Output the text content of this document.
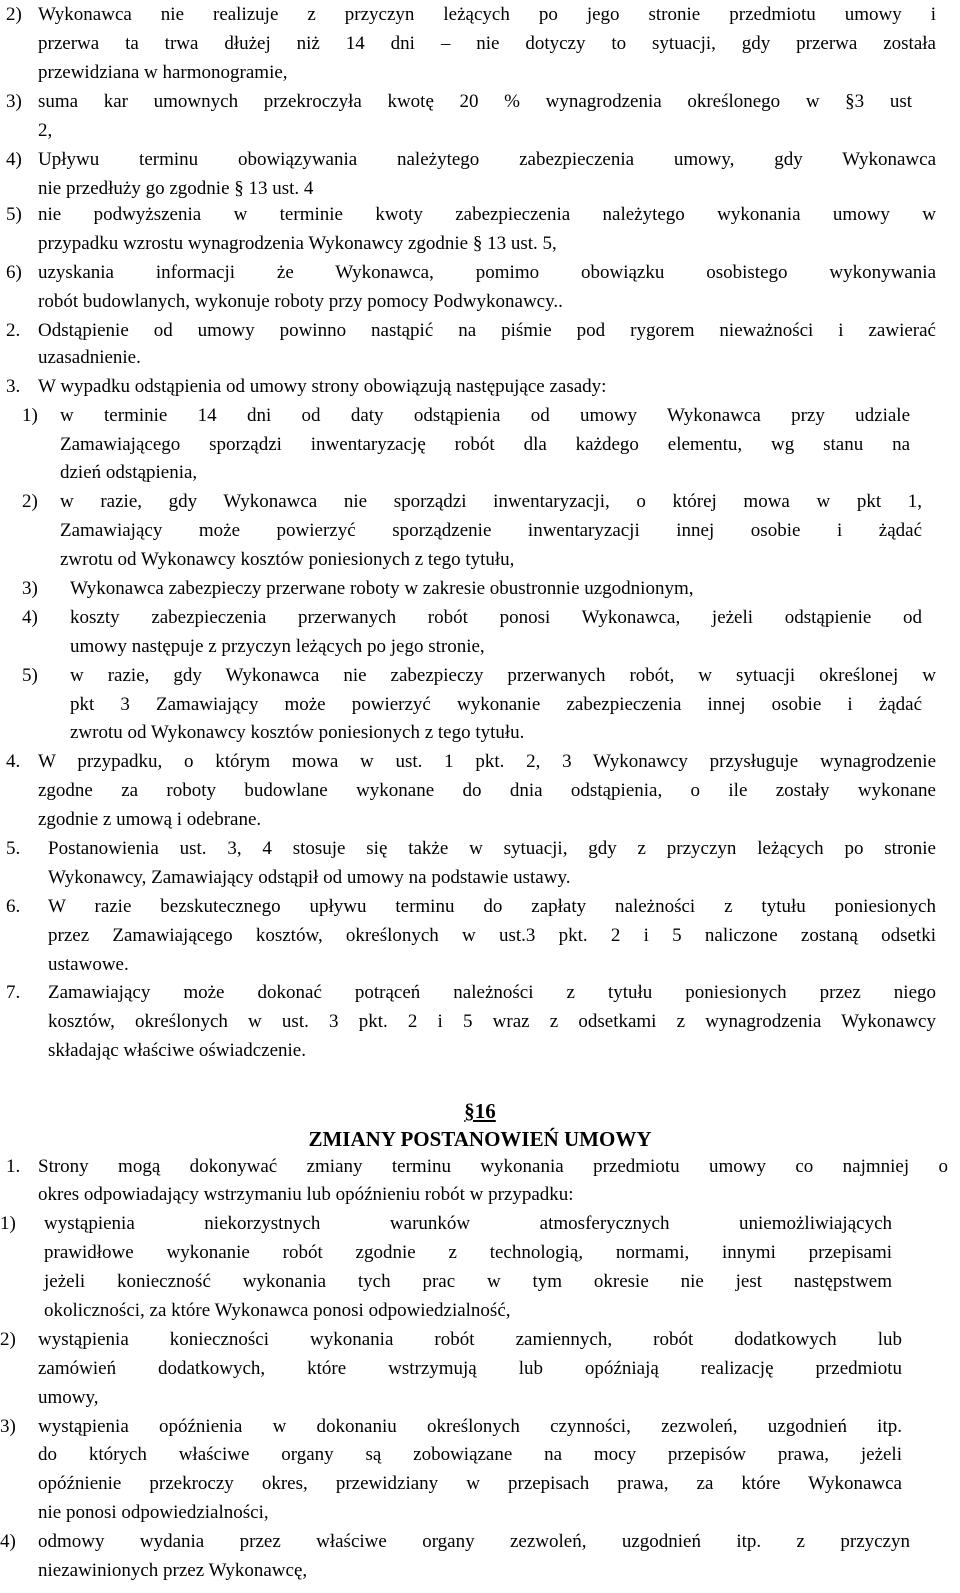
2) Wykonawca nie realizuje z przyczyn leżących po jego stronie przedmiotu umowy i
przerwa ta trwa dłużej niż 14 dni – nie dotyczy to sytuacji, gdy przerwa została
przewidziana w harmonogramie,
3) suma kar umownych przekroczyła kwotę 20 % wynagrodzenia określonego w §3 ust
2,
4) Upływu terminu obowiązywania należytego zabezpieczenia umowy, gdy Wykonawca
nie przedłuży go zgodnie § 13 ust. 4
5) nie podwyższenia w terminie kwoty zabezpieczenia należytego wykonania umowy w
przypadku wzrostu wynagrodzenia Wykonawcy zgodnie § 13 ust. 5,
6) uzyskania informacji że Wykonawca, pomimo obowiązku osobistego wykonywania
robót budowlanych, wykonuje roboty przy pomocy Podwykonawcy..
2. Odstąpienie od umowy powinno nastąpić na piśmie pod rygorem nieważności i zawierać
uzasadnienie.
3. W wypadku odstąpienia od umowy strony obowiązują następujące zasady:
1) w terminie 14 dni od daty odstąpienia od umowy Wykonawca przy udziale
Zamawiającego sporządzi inwentaryzację robót dla każdego elementu, wg stanu na
dzień odstąpienia,
2) w razie, gdy Wykonawca nie sporządzi inwentaryzacji, o której mowa w pkt 1,
Zamawiający może powierzyć sporządzenie inwentaryzacji innej osobie i żądać
zwrotu od Wykonawcy kosztów poniesionych z tego tytułu,
3) Wykonawca zabezpieczy przerwane roboty w zakresie obustronnie uzgodnionym,
4) koszty zabezpieczenia przerwanych robót ponosi Wykonawca, jeżeli odstąpienie od
umowy następuje z przyczyn leżących po jego stronie,
5) w razie, gdy Wykonawca nie zabezpieczy przerwanych robót, w sytuacji określonej w
pkt 3 Zamawiający może powierzyć wykonanie zabezpieczenia innej osobie i żądać
zwrotu od Wykonawcy kosztów poniesionych z tego tytułu.
4. W przypadku, o którym mowa w ust. 1 pkt. 2, 3 Wykonawcy przysługuje wynagrodzenie
zgodne za roboty budowlane wykonane do dnia odstąpienia, o ile zostały wykonane
zgodnie z umową i odebrane.
5. Postanowienia ust. 3, 4 stosuje się także w sytuacji, gdy z przyczyn leżących po stronie
Wykonawcy, Zamawiający odstąpił od umowy na podstawie ustawy.
6. W razie bezskutecznego upływu terminu do zapłaty należności z tytułu poniesionych
przez Zamawiającego kosztów, określonych w ust.3 pkt. 2 i 5 naliczone zostaną odsetki
ustawowe.
7. Zamawiający może dokonać potrąceń należności z tytułu poniesionych przez niego
kosztów, określonych w ust. 3 pkt. 2 i 5 wraz z odsetkami z wynagrodzenia Wykonawcy
składając właściwe oświadczenie.
§16
ZMIANY POSTANOWIEŃ UMOWY
1. Strony mogą dokonywać zmiany terminu wykonania przedmiotu umowy co najmniej o
okres odpowiadający wstrzymaniu lub opóźnieniu robót w przypadku:
1) wystąpienia niekorzystnych warunków atmosferycznych uniemożliwiających
prawidłowe wykonanie robót zgodnie z technologią, normami, innymi przepisami
jeżeli konieczność wykonania tych prac w tym okresie nie jest następstwem
okoliczności, za które Wykonawca ponosi odpowiedzialność,
2) wystąpienia konieczności wykonania robót zamiennych, robót dodatkowych lub
zamówień dodatkowych, które wstrzymują lub opóźniają realizację przedmiotu
umowy,
3) wystąpienia opóźnienia w dokonaniu określonych czynności, zezwoleń, uzgodnień itp.
do których właściwe organy są zobowiązane na mocy przepisów prawa, jeżeli
opóźnienie przekroczy okres, przewidziany w przepisach prawa, za które Wykonawca
nie ponosi odpowiedzialności,
4) odmowy wydania przez właściwe organy zezwoleń, uzgodnień itp. z przyczyn
niezawinionych przez Wykonawcę,
